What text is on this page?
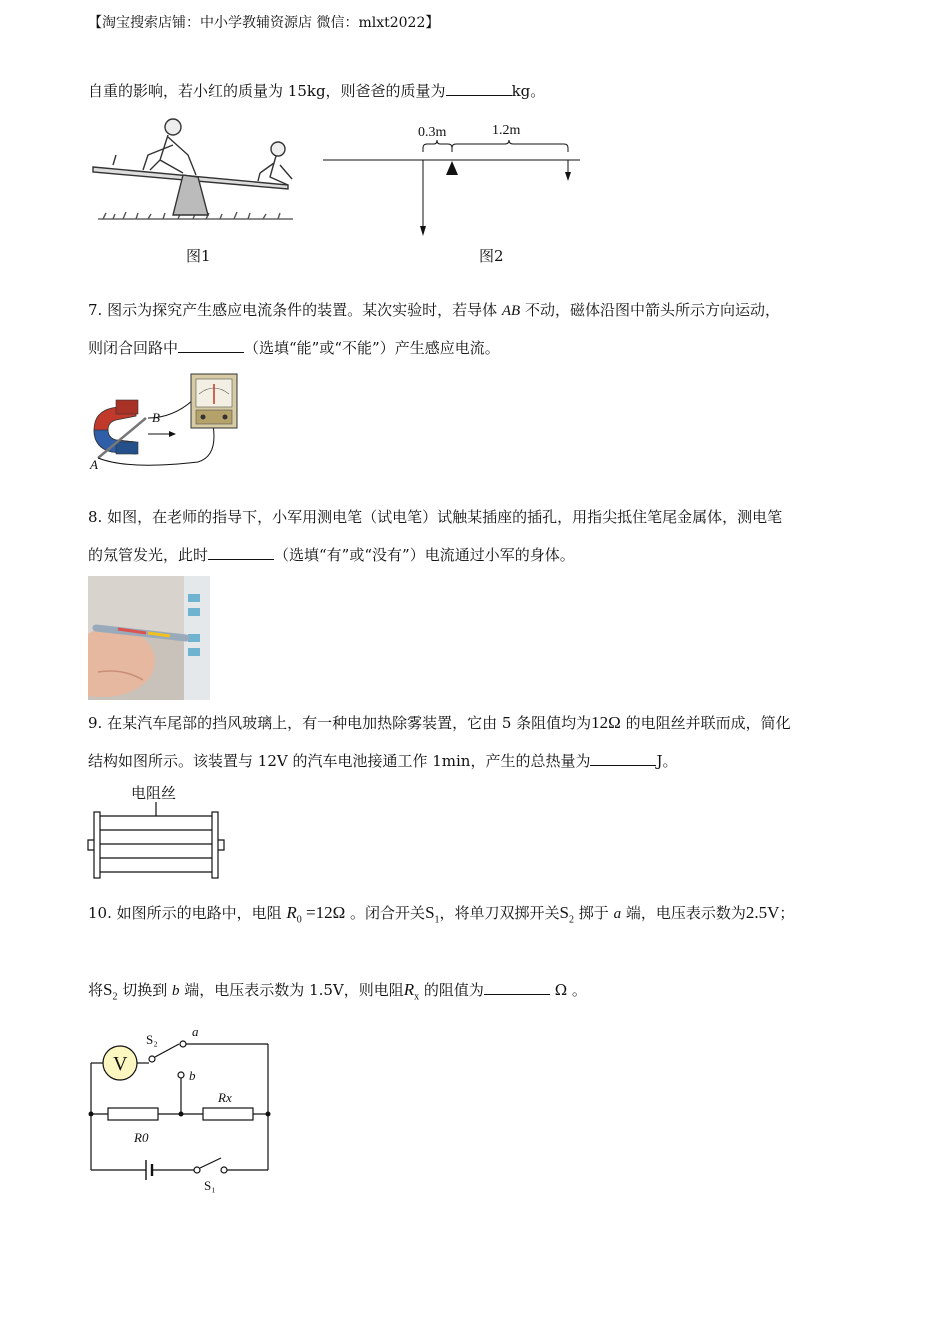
【淘宝搜索店铺：中小学教辅资源店 微信：mlxt2022】
自重的影响，若小红的质量为 15kg，则爸爸的质量为	kg。
图1
0.3m	1.2m
图2
7. 图示为探究产生感应电流条件的装置。某次实验时，若导体 AB 不动，磁体沿图中箭头所示方向运动，
则闭合回路中	（选填“能”或“不能”）产生感应电流。
A
B
8. 如图，在老师的指导下，小军用测电笔（试电笔）试触某插座的插孔，用指尖抵住笔尾金属体，测电笔
的氖管发光，此时	（选填“有”或“没有”）电流通过小军的身体。
9. 在某汽车尾部的挡风玻璃上，有一种电加热除雾装置，它由 5 条阻值均为12Ω 的电阻丝并联而成，简化
结构如图所示。该装置与 12V 的汽车电池接通工作 1min，产生的总热量为	J。
电阻丝
10. 如图所示的电路中，电阻 $R_0 =12\Omega$ 。闭合开关$S_1$，将单刀双掷开关$S_2$ 掷于 a 端，电压表示数为2.5V；
将$S_2$ 切换到 b 端，电压表示数为 1.5V，则电阻$R_x$ 的阻值为	Ω 。
V
S₂
a
b
Rx
R0
S₁
